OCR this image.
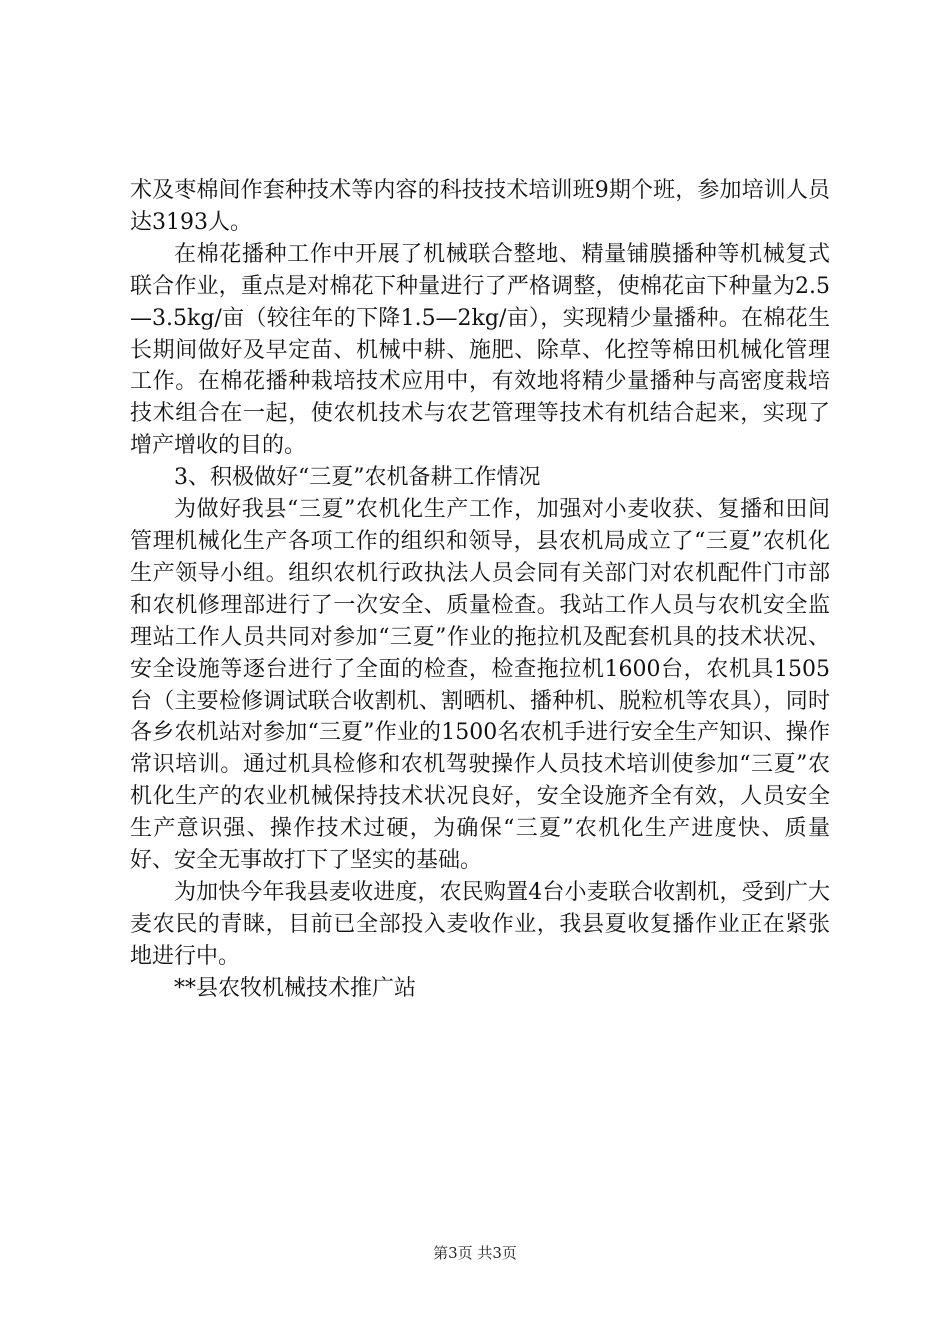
术及枣棉间作套种技术等内容的科技技术培训班9期个班，参加培训人员达3193人。

在棉花播种工作中开展了机械联合整地、精量铺膜播种等机械复式联合作业，重点是对棉花下种量进行了严格调整，使棉花亩下种量为2.5—3.5kg/亩（较往年的下降1.5—2kg/亩），实现精少量播种。在棉花生长期间做好及早定苗、机械中耕、施肥、除草、化控等棉田机械化管理工作。在棉花播种栽培技术应用中，有效地将精少量播种与高密度栽培技术组合在一起，使农机技术与农艺管理等技术有机结合起来，实现了增产增收的目的。

3、积极做好“三夏”农机备耕工作情况

为做好我县“三夏”农机化生产工作，加强对小麦收获、复播和田间管理机械化生产各项工作的组织和领导，县农机局成立了“三夏”农机化生产领导小组。组织农机行政执法人员会同有关部门对农机配件门市部和农机修理部进行了一次安全、质量检查。我站工作人员与农机安全监理站工作人员共同对参加“三夏”作业的拖拉机及配套机具的技术状况、安全设施等逐台进行了全面的检查，检查拖拉机1600台，农机具1505台（主要检修调试联合收割机、割晒机、播种机、脱粒机等农具），同时各乡农机站对参加“三夏”作业的1500名农机手进行安全生产知识、操作常识培训。通过机具检修和农机驾驶操作人员技术培训使参加“三夏”农机化生产的农业机械保持技术状况良好，安全设施齐全有效，人员安全生产意识强、操作技术过硬，为确保“三夏”农机化生产进度快、质量好、安全无事故打下了坚实的基础。

为加快今年我县麦收进度，农民购置4台小麦联合收割机，受到广大麦农民的青睐，目前已全部投入麦收作业，我县夏收复播作业正在紧张地进行中。

**县农牧机械技术推广站

第3页 共3页
